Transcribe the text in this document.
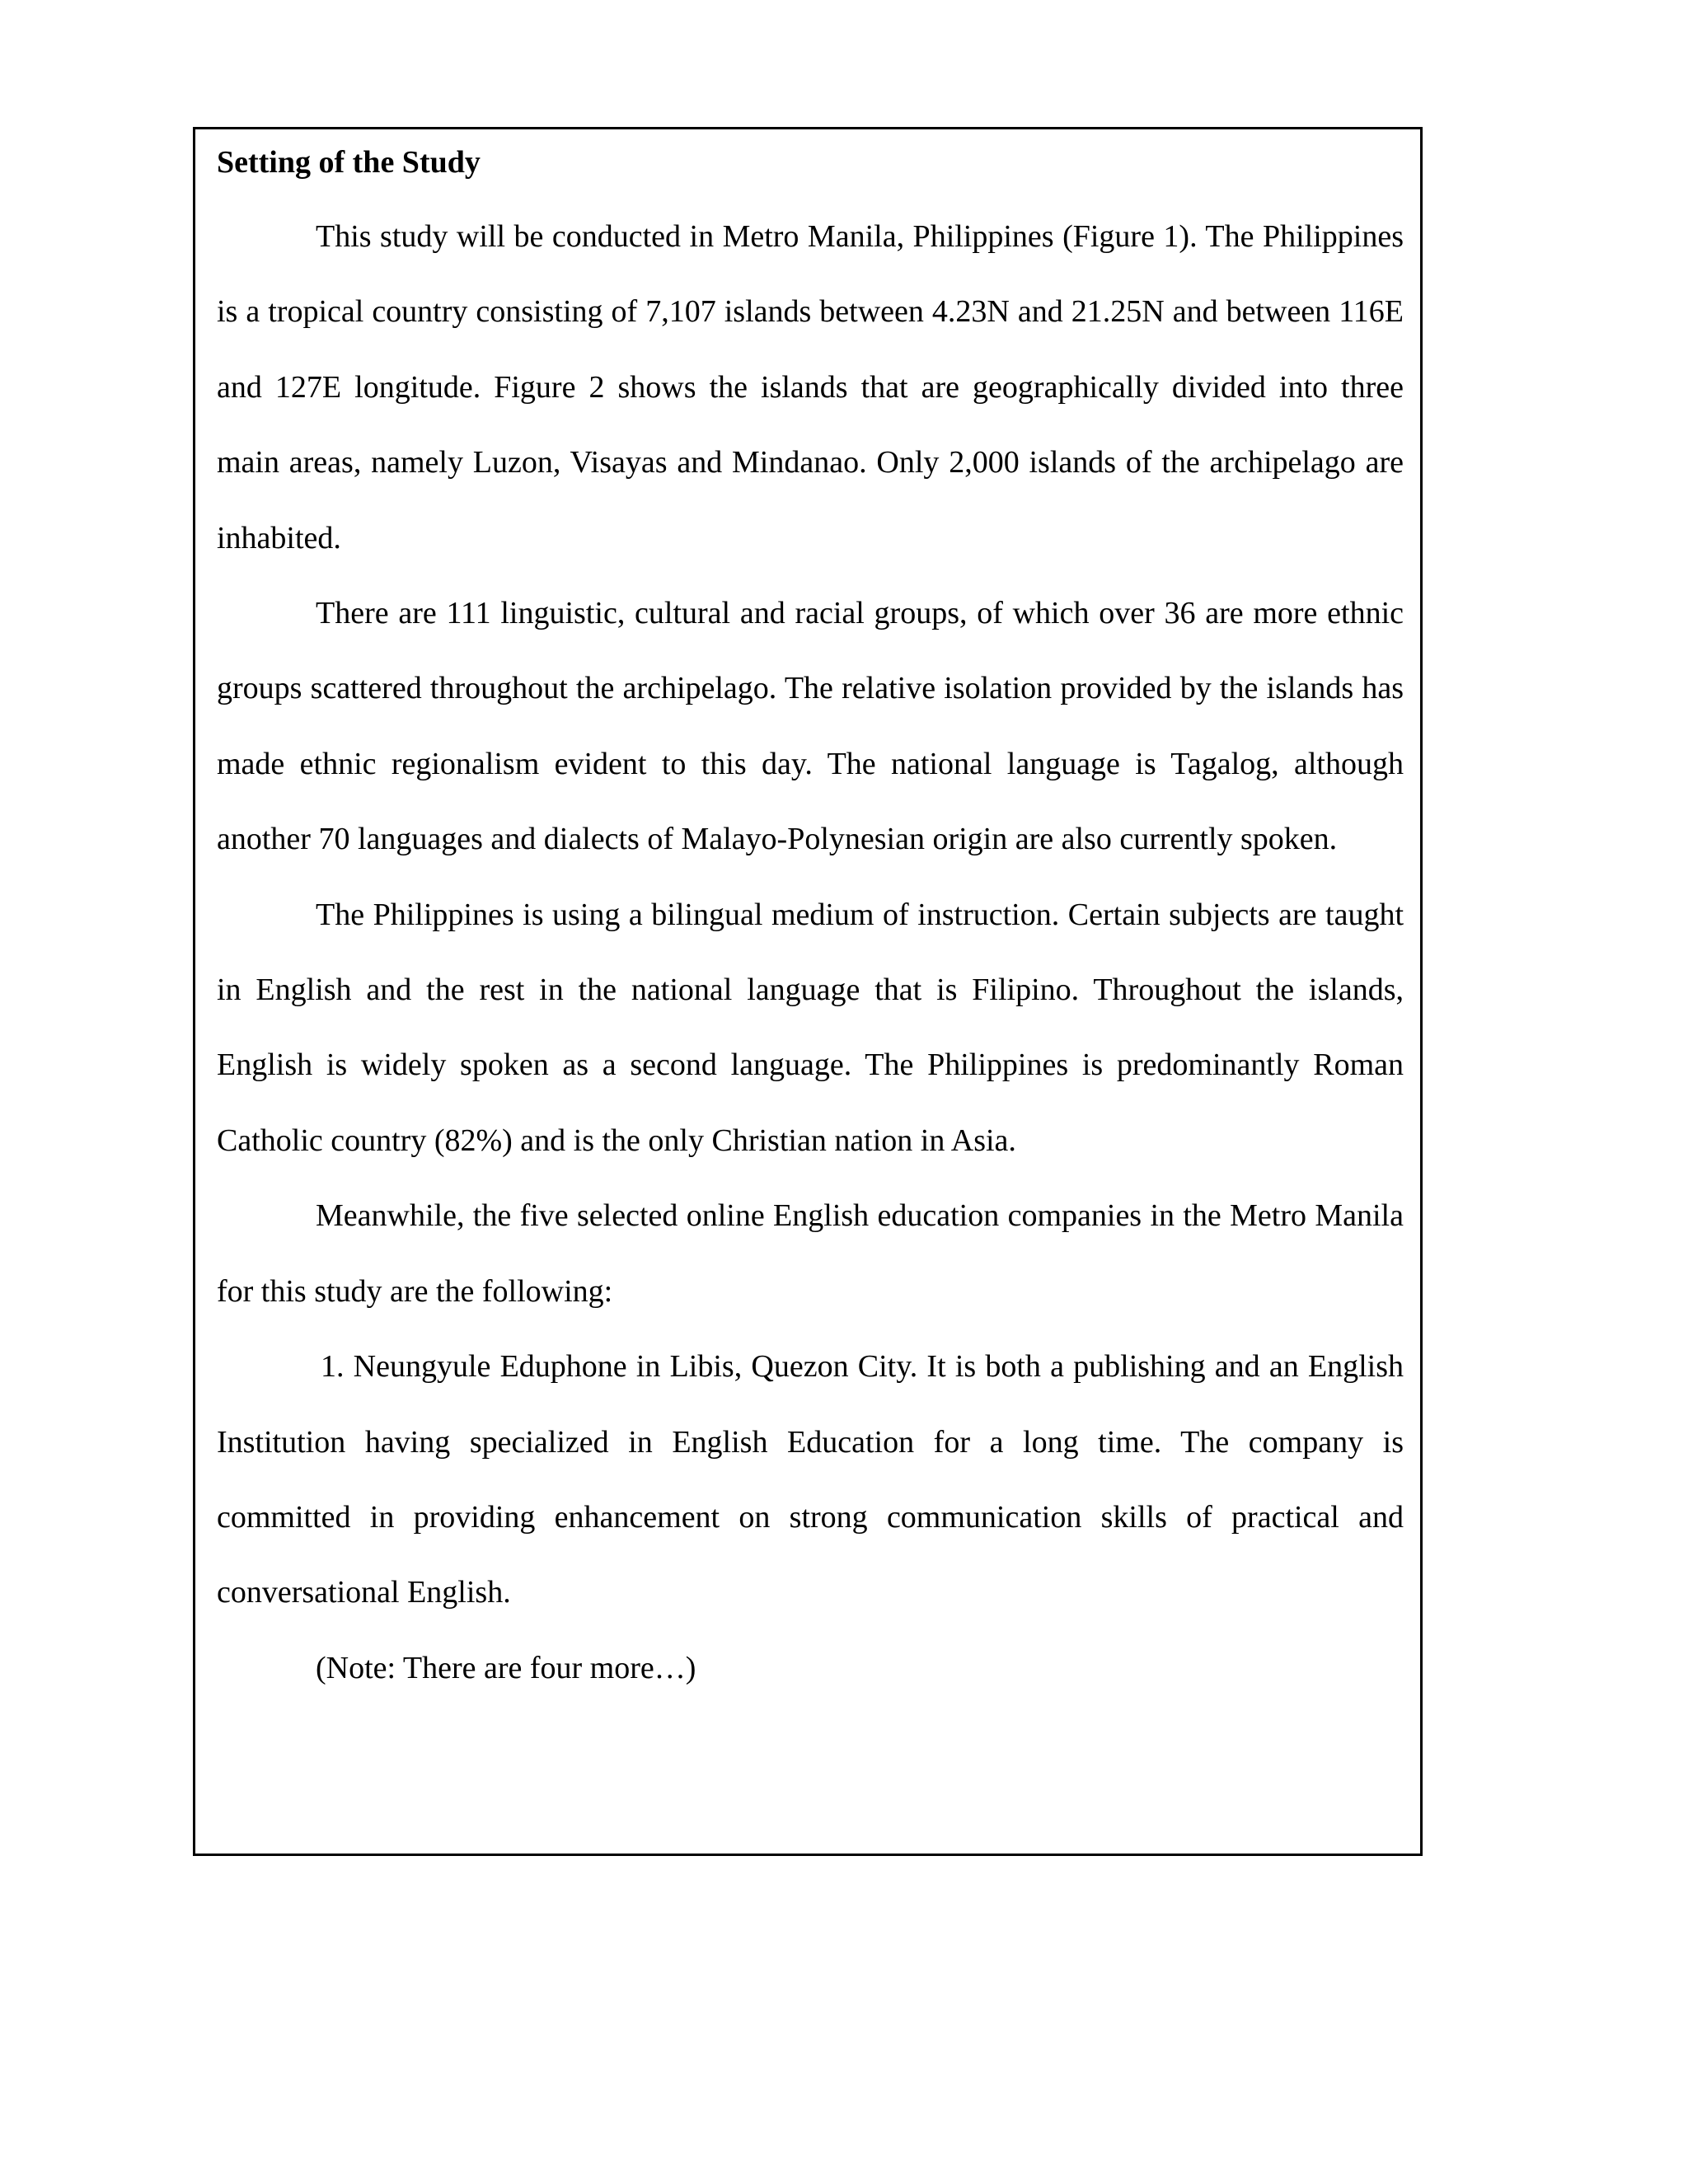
Setting of the Study

This study will be conducted in Metro Manila, Philippines (Figure 1). The Philippines is a tropical country consisting of 7,107 islands between 4.23N and 21.25N and between 116E and 127E longitude. Figure 2 shows the islands that are geographically divided into three main areas, namely Luzon, Visayas and Mindanao. Only 2,000 islands of the archipelago are inhabited.

There are 111 linguistic, cultural and racial groups, of which over 36 are more ethnic groups scattered throughout the archipelago. The relative isolation provided by the islands has made ethnic regionalism evident to this day. The national language is Tagalog, although another 70 languages and dialects of Malayo-Polynesian origin are also currently spoken.

The Philippines is using a bilingual medium of instruction. Certain subjects are taught in English and the rest in the national language that is Filipino. Throughout the islands, English is widely spoken as a second language. The Philippines is predominantly Roman Catholic country (82%) and is the only Christian nation in Asia.

Meanwhile, the five selected online English education companies in the Metro Manila for this study are the following:

1. Neungyule Eduphone in Libis, Quezon City. It is both a publishing and an English Institution having specialized in English Education for a long time. The company is committed in providing enhancement on strong communication skills of practical and conversational English.

(Note: There are four more…)
